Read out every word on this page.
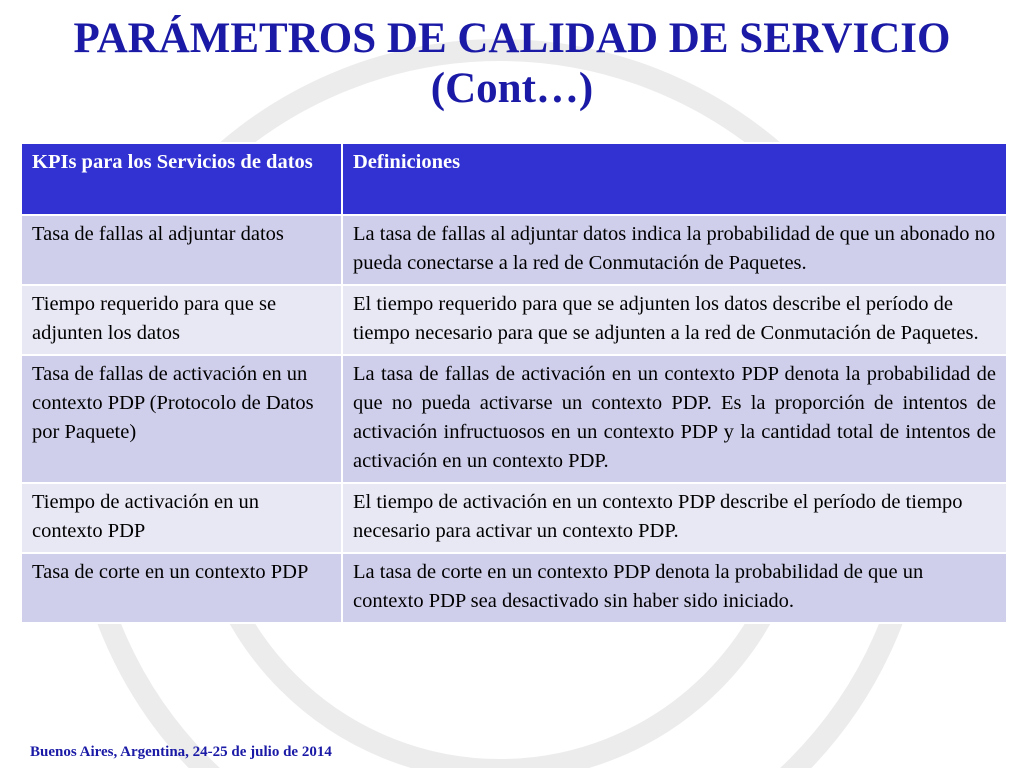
PARÁMETROS DE CALIDAD DE SERVICIO
(Cont…)
KPIs para los Servicios de datos	Definiciones
Tasa de fallas al adjuntar datos	La tasa de fallas al adjuntar datos indica la probabilidad de que un abonado no pueda conectarse a la red de Conmutación de Paquetes.
Tiempo requerido para que se adjunten los datos	El tiempo requerido para que se adjunten los datos describe el período de tiempo necesario para que se adjunten a la red de Conmutación de Paquetes.
Tasa de fallas de activación en un contexto PDP (Protocolo de Datos por Paquete)	La tasa de fallas de activación en un contexto PDP denota la probabilidad de que no pueda activarse un contexto PDP. Es la proporción de intentos de activación infructuosos en un contexto PDP y la cantidad total de intentos de activación en un contexto PDP.
Tiempo de activación en un contexto PDP	El tiempo de activación en un contexto PDP describe el período de tiempo necesario para activar un contexto PDP.
Tasa de corte en un contexto PDP	La tasa de corte en un contexto PDP denota la probabilidad de que un contexto PDP sea desactivado sin haber sido iniciado.
Buenos Aires, Argentina, 24-25 de julio de 2014
